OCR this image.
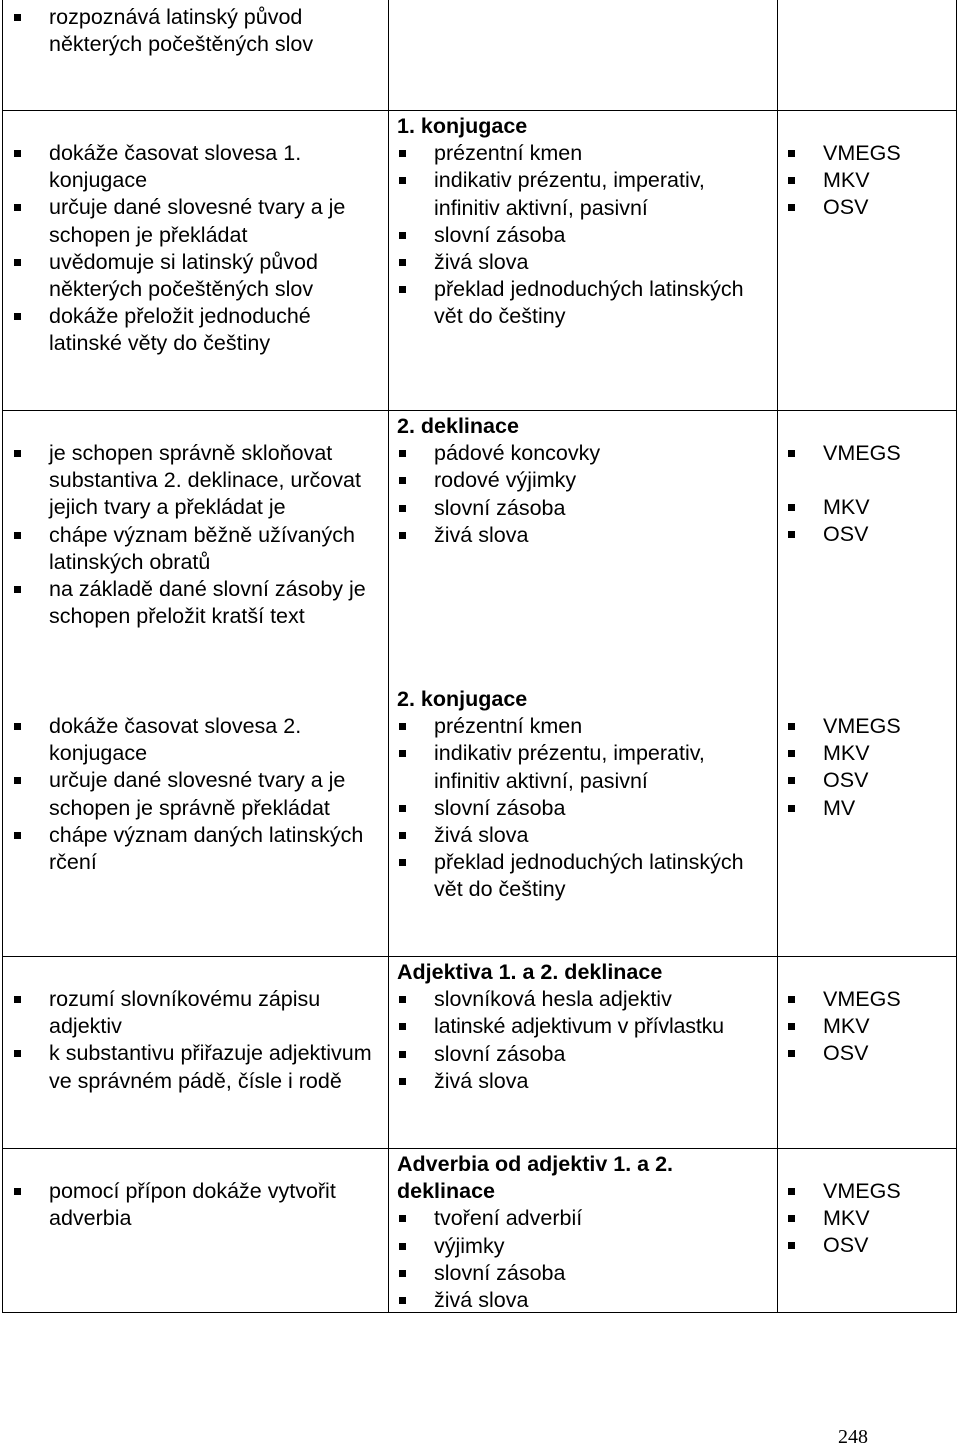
rozpoznává latinský původ některých počeštěných slov
dokáže časovat slovesa 1. konjugace
určuje dané slovesné tvary a je schopen je překládat
uvědomuje si latinský původ některých počeštěných slov
dokáže přeložit jednoduché latinské věty do češtiny
1. konjugace
prézentní kmen
indikativ prézentu, imperativ, infinitiv aktivní, pasivní
slovní zásoba
živá slova
překlad jednoduchých latinských vět do češtiny
VMEGS
MKV
OSV
je schopen správně skloňovat substantiva 2. deklinace, určovat jejich tvary a překládat je
chápe význam běžně užívaných latinských obratů
na základě dané slovní zásoby je schopen přeložit kratší text
2. deklinace
pádové koncovky
rodové výjimky
slovní zásoba
živá slova
VMEGS
MKV
OSV
dokáže časovat slovesa 2. konjugace
určuje dané slovesné tvary a je schopen je správně překládat
chápe význam daných latinských rčení
2. konjugace
prézentní kmen
indikativ prézentu, imperativ, infinitiv aktivní, pasivní
slovní zásoba
živá slova
překlad jednoduchých latinských vět do češtiny
VMEGS
MKV
OSV
MV
rozumí slovníkovému zápisu adjektiv
k substantivu přiřazuje adjektivum ve správném pádě, čísle i rodě
Adjektiva 1. a 2. deklinace
slovníková hesla adjektiv
latinské adjektivum v přívlastku
slovní zásoba
živá slova
VMEGS
MKV
OSV
pomocí přípon dokáže vytvořit adverbia
Adverbia od adjektiv 1. a 2. deklinace
tvoření adverbií
výjimky
slovní zásoba
živá slova
VMEGS
MKV
OSV
248
